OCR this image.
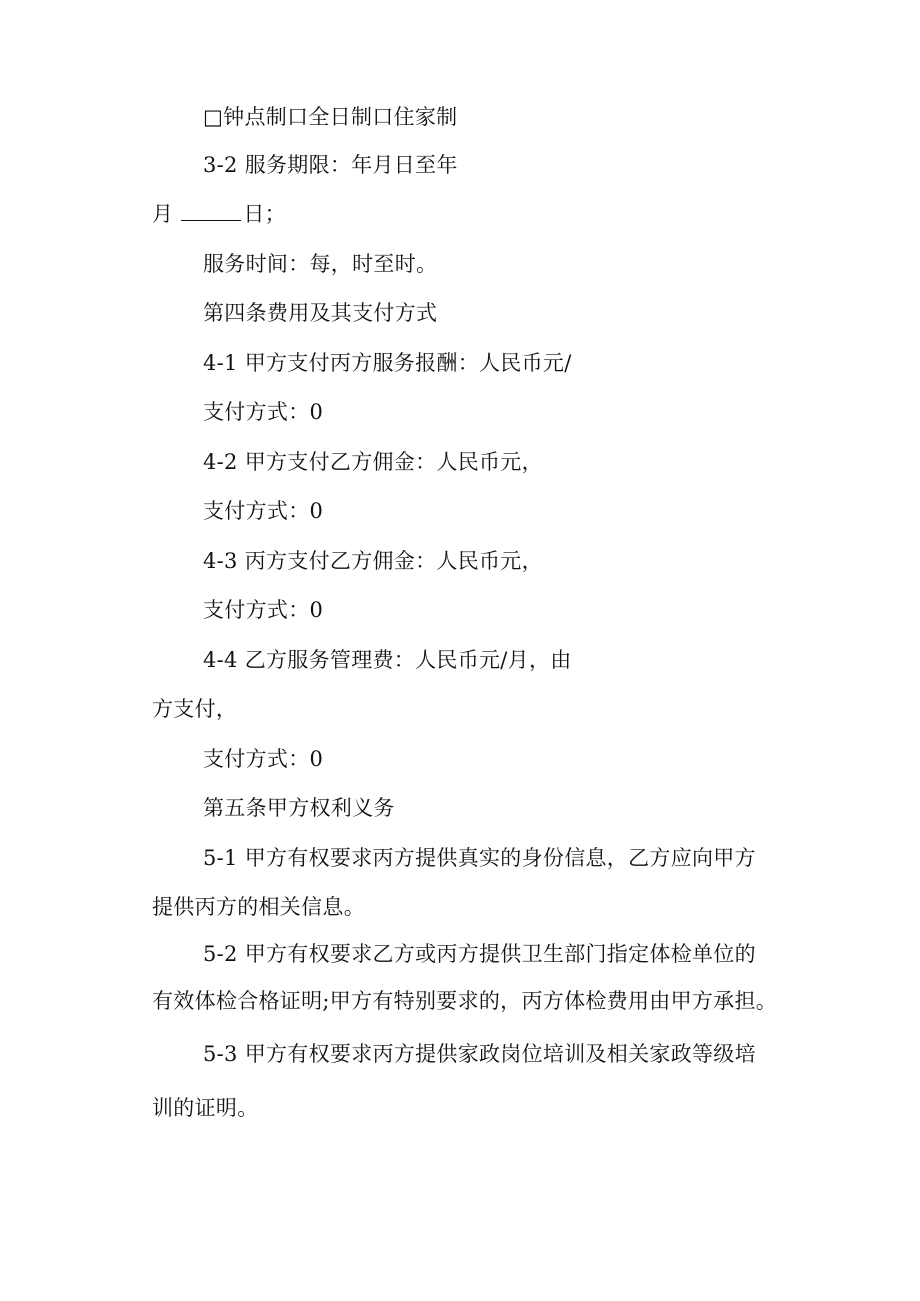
□钟点制口全日制口住家制
3-2 服务期限：年月日至年
月	日；
服务时间：每，时至时。
第四条费用及其支付方式
4-1 甲方支付丙方服务报酬：人民币元/
支付方式：0
4-2 甲方支付乙方佣金：人民币元，
支付方式：0
4-3 丙方支付乙方佣金：人民币元，
支付方式：0
4-4 乙方服务管理费：人民币元/月，由
方支付，
支付方式：0
第五条甲方权利义务
5-1 甲方有权要求丙方提供真实的身份信息，乙方应向甲方
提供丙方的相关信息。
5-2 甲方有权要求乙方或丙方提供卫生部门指定体检单位的
有效体检合格证明;甲方有特别要求的，丙方体检费用由甲方承担。
5-3 甲方有权要求丙方提供家政岗位培训及相关家政等级培
训的证明。
